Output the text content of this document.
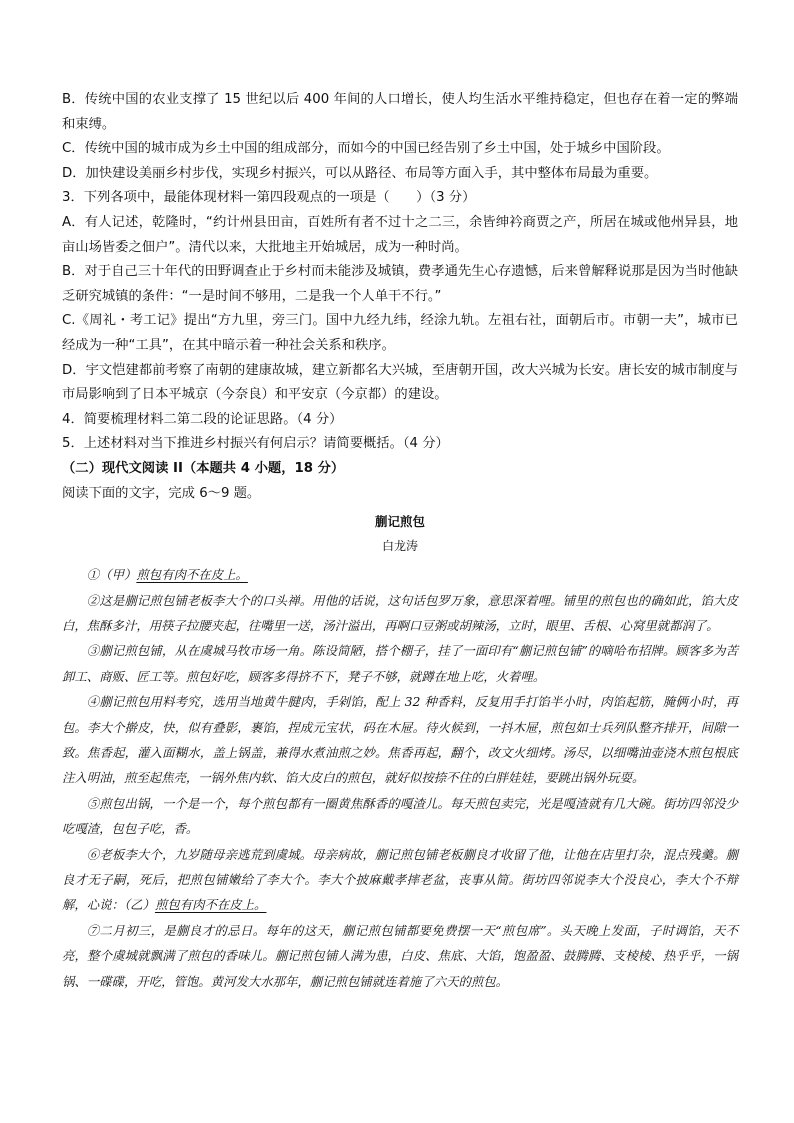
B．传统中国的农业支撑了 15 世纪以后 400 年间的人口增长，使人均生活水平维持稳定，但也存在着一定的弊端和束缚。

C．传统中国的城市成为乡土中国的组成部分，而如今的中国已经告别了乡土中国，处于城乡中国阶段。

D．加快建设美丽乡村步伐，实现乡村振兴，可以从路径、布局等方面入手，其中整体布局最为重要。

3．下列各项中，最能体现材料一第四段观点的一项是（　　）（3 分）

A．有人记述，乾隆时，“约计州县田亩，百姓所有者不过十之二三，余皆绅衿商贾之产，所居在城或他州异县，地亩山场皆委之佃户”。清代以来，大批地主开始城居，成为一种时尚。

B．对于自己三十年代的田野调查止于乡村而未能涉及城镇，费孝通先生心存遗憾，后来曾解释说那是因为当时他缺乏研究城镇的条件：“一是时间不够用，二是我一个人单干不行。”

C.《周礼・考工记》提出“方九里，旁三门。国中九经九纬，经涂九轨。左祖右社，面朝后市。市朝一夫”，城市已经成为一种“工具”，在其中暗示着一种社会关系和秩序。

D．宇文恺建都前考察了南朝的建康故城，建立新都名大兴城，至唐朝开国，改大兴城为长安。唐长安的城市制度与市局影响到了日本平城京（今奈良）和平安京（今京都）的建设。

4．简要梳理材料二第二段的论证思路。（4 分）

5．上述材料对当下推进乡村振兴有何启示？请简要概括。（4 分）

（二）现代文阅读 II（本题共 4 小题，18 分）

阅读下面的文字，完成 6～9 题。

蒯记煎包
白龙涛

①（甲）煎包有肉不在皮上。

②这是蒯记煎包铺老板李大个的口头禅。用他的话说，这句话包罗万象，意思深着哩。铺里的煎包也的确如此，馅大皮白，焦酥多汁，用筷子拉腰夹起，往嘴里一送，汤汁溢出，再啊口豆粥或胡辣汤，立时，眼里、舌根、心窝里就都润了。

③蒯记煎包铺，从在虞城马牧市场一角。陈设简陋，搭个棚子，挂了一面印有“蒯记煎包铺”的嘀哈布招牌。顾客多为苦卸工、商贩、匠工等。煎包好吃，顾客多得挤不下，凳子不够，就蹲在地上吃，火着哩。

④蒯记煎包用料考究，选用当地黄牛腱肉，手剁馅，配上 32 种香料，反复用手打馅半小时，肉馅起筋，腌俩小时，再包。李大个擀皮，快，似有叠影，裹馅，捏成元宝状，码在木屉。待火候到，一抖木屉，煎包如士兵列队整齐排开，间隙一致。焦香起，灌入面糊水，盖上锅盖，兼得水煮油煎之妙。焦香再起，翻个，改文火细烤。汤尽，以细嘴油壶浇木煎包根底注入明油，煎至起焦壳，一锅外焦内软、馅大皮白的煎包，就好似按捺不住的白胖娃娃，要跳出锅外玩耍。

⑤煎包出锅，一个是一个，每个煎包都有一圈黄焦酥香的嘎渣儿。每天煎包卖完，光是嘎渣就有几大碗。街坊四邻没少吃嘎渣，包包子吃，香。

⑥老板李大个，九岁随母亲逃荒到虞城。母亲病故，蒯记煎包铺老板蒯良才收留了他，让他在店里打杂，混点残羹。蒯良才无子嗣，死后，把煎包铺嫩给了李大个。李大个披麻戴孝摔老盆，丧事从简。街坊四邻说李大个没良心，李大个不辩解，心说：（乙）煎包有肉不在皮上。

⑦二月初三，是蒯良才的忌日。每年的这天，蒯记煎包铺都要免费摆一天“煎包席”。头天晚上发面，子时调馅，天不亮，整个虞城就飘满了煎包的香味儿。蒯记煎包铺人满为患，白皮、焦底、大馅，饱盈盈、鼓腾腾、支棱棱、热乎乎，一锅锅、一碟碟，开吃，管饱。黄河发大水那年，蒯记煎包铺就连着施了六天的煎包。
